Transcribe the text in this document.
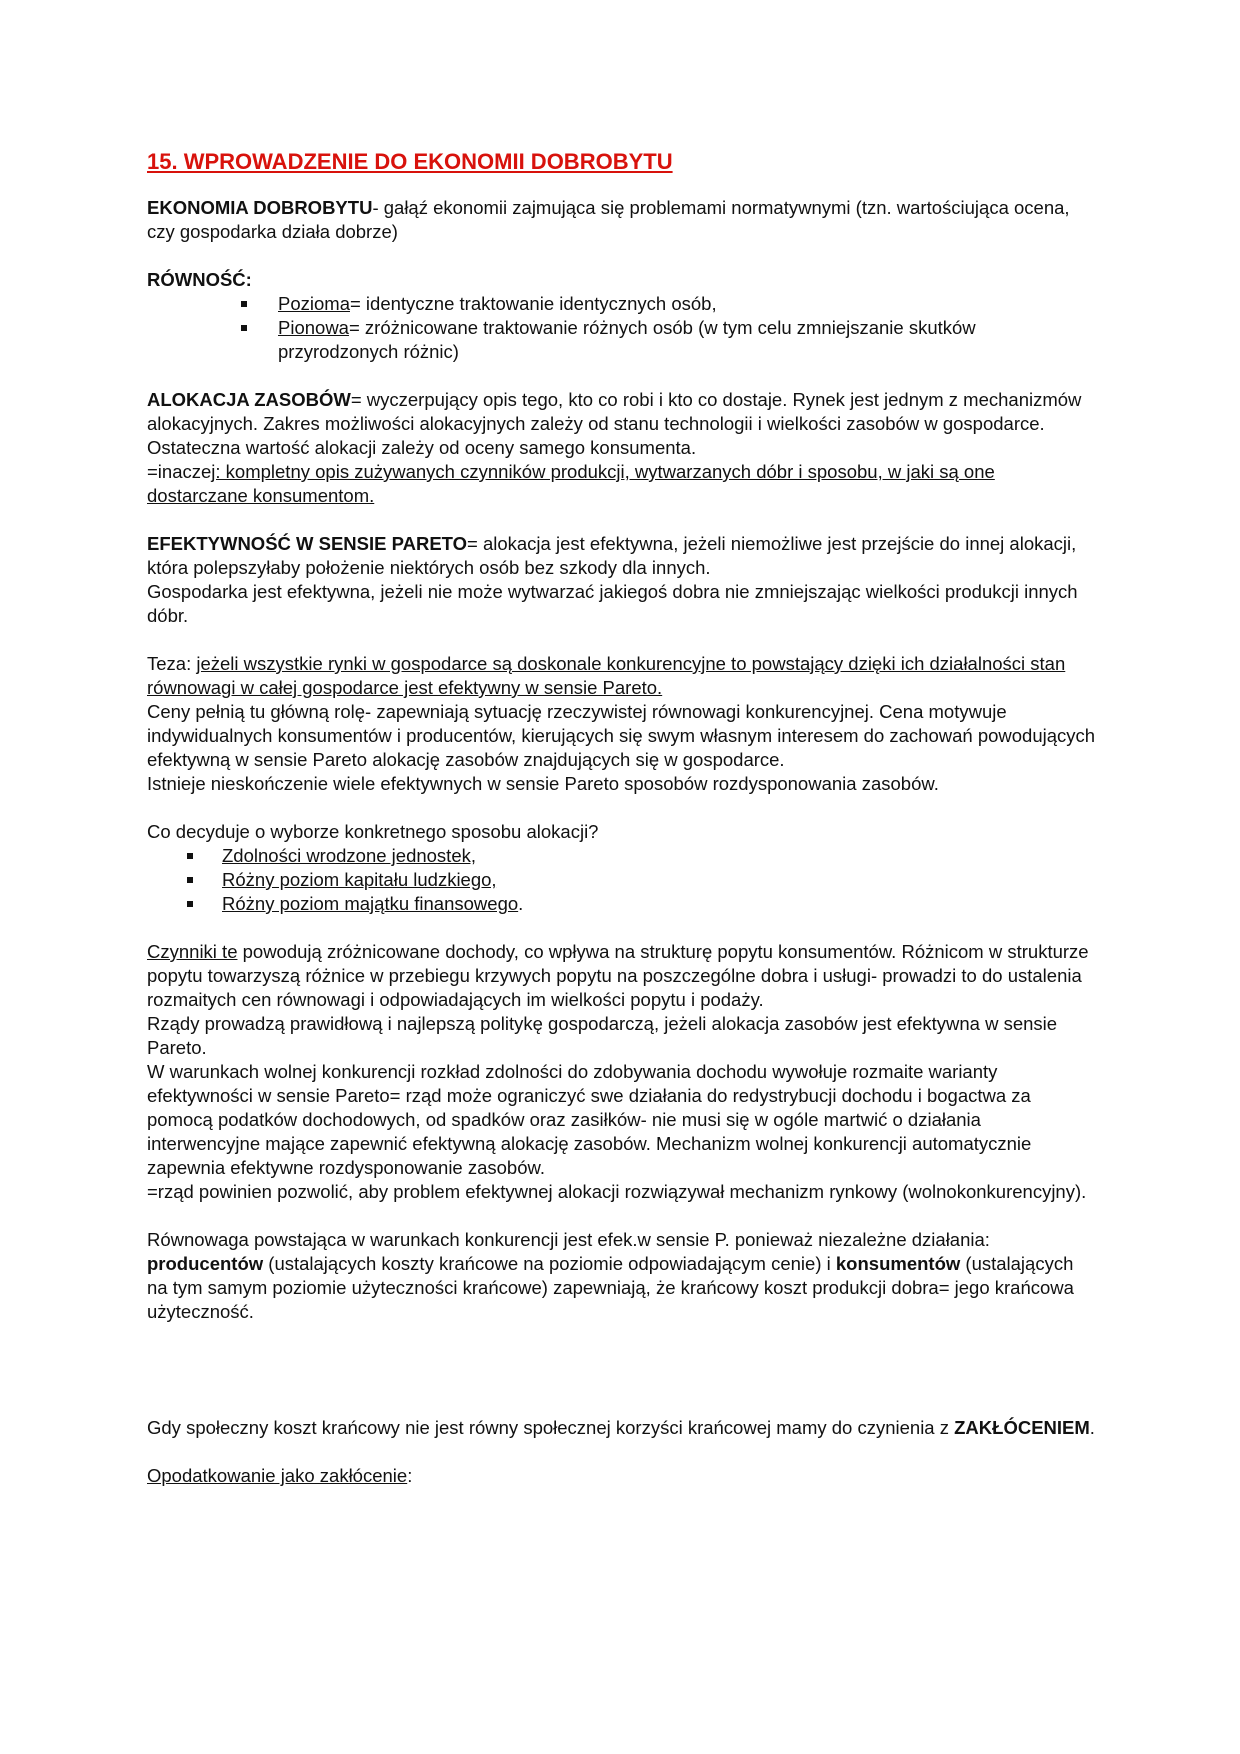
15. WPROWADZENIE DO EKONOMII DOBROBYTU

EKONOMIA DOBROBYTU- gałąź ekonomii zajmująca się problemami normatywnymi (tzn. wartościująca ocena, czy gospodarka działa dobrze)

RÓWNOŚĆ:

Pozioma= identyczne traktowanie identycznych osób,
Pionowa= zróżnicowane traktowanie różnych osób (w tym celu zmniejszanie skutków przyrodzonych różnic)

ALOKACJA ZASOBÓW= wyczerpujący opis tego, kto co robi i kto co dostaje. Rynek jest jednym z mechanizmów alokacyjnych. Zakres możliwości alokacyjnych zależy od stanu technologii i wielkości zasobów w gospodarce. Ostateczna wartość alokacji zależy od oceny samego konsumenta.
=inaczej: kompletny opis zużywanych czynników produkcji, wytwarzanych dóbr i sposobu, w jaki są one dostarczane konsumentom.

EFEKTYWNOŚĆ W SENSIE PARETO= alokacja jest efektywna, jeżeli niemożliwe jest przejście do innej alokacji, która polepszyłaby położenie niektórych osób bez szkody dla innych.

Gospodarka jest efektywna, jeżeli nie może wytwarzać jakiegoś dobra nie zmniejszając wielkości produkcji innych dóbr.

Teza: jeżeli wszystkie rynki w gospodarce są doskonale konkurencyjne to powstający dzięki ich działalności stan równowagi w całej gospodarce jest efektywny w sensie Pareto.

Ceny pełnią tu główną rolę- zapewniają sytuację rzeczywistej równowagi konkurencyjnej. Cena motywuje indywidualnych konsumentów i producentów, kierujących się swym własnym interesem do zachowań powodujących efektywną w sensie Pareto alokację zasobów znajdujących się w gospodarce.

Istnieje nieskończenie wiele efektywnych w sensie Pareto sposobów rozdysponowania zasobów.

Co decyduje o wyborze konkretnego sposobu alokacji?

Zdolności wrodzone jednostek,
Różny poziom kapitału ludzkiego,
Różny poziom majątku finansowego.

Czynniki te powodują zróżnicowane dochody, co wpływa na strukturę popytu konsumentów. Różnicom w strukturze popytu towarzyszą różnice w przebiegu krzywych popytu na poszczególne dobra i usługi- prowadzi to do ustalenia rozmaitych cen równowagi i odpowiadających im wielkości popytu i podaży.

Rządy prowadzą prawidłową i najlepszą politykę gospodarczą, jeżeli alokacja zasobów jest efektywna w sensie Pareto.

W warunkach wolnej konkurencji rozkład zdolności do zdobywania dochodu wywołuje rozmaite warianty efektywności w sensie Pareto= rząd może ograniczyć swe działania do redystrybucji dochodu i bogactwa za pomocą podatków dochodowych, od spadków oraz zasiłków- nie musi się w ogóle martwić o działania interwencyjne mające zapewnić efektywną alokację zasobów. Mechanizm wolnej konkurencji automatycznie zapewnia efektywne rozdysponowanie zasobów.

=rząd powinien pozwolić, aby problem efektywnej alokacji rozwiązywał mechanizm rynkowy (wolnokonkurencyjny).

Równowaga powstająca w warunkach konkurencji jest efek.w sensie P. ponieważ niezależne działania: producentów (ustalających koszty krańcowe na poziomie odpowiadającym cenie) i konsumentów (ustalających na tym samym poziomie użyteczności krańcowe) zapewniają, że krańcowy koszt produkcji dobra= jego krańcowa użyteczność.

Gdy społeczny koszt krańcowy nie jest równy społecznej korzyści krańcowej mamy do czynienia z ZAKŁÓCENIEM.

Opodatkowanie jako zakłócenie:
